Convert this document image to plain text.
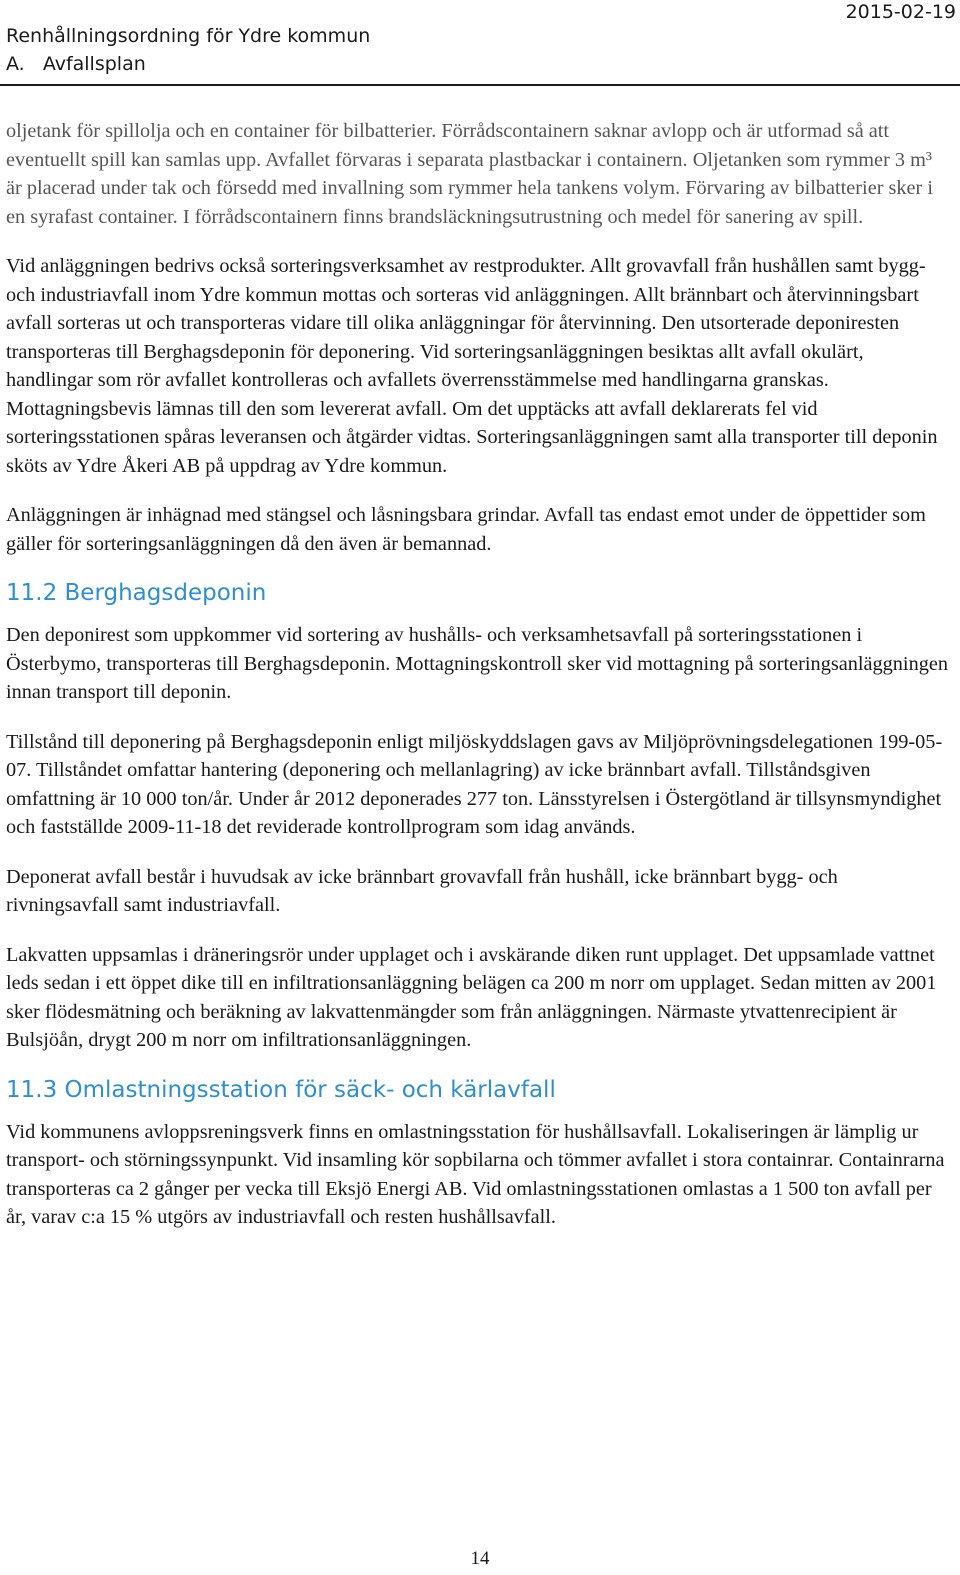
Renhållningsordning för Ydre kommun
A.   Avfallsplan
2015-02-19

oljetank för spillolja och en container för bilbatterier. Förrådscontainern saknar avlopp och är utformad så att eventuellt spill kan samlas upp. Avfallet förvaras i separata plastbackar i containern. Oljetanken som rymmer 3 m³ är placerad under tak och försedd med invallning som rymmer hela tankens volym. Förvaring av bilbatterier sker i en syrafast container. I förrådscontainern finns brandsläckningsutrustning och medel för sanering av spill.

Vid anläggningen bedrivs också sorteringsverksamhet av restprodukter. Allt grovavfall från hushållen samt bygg- och industriavfall inom Ydre kommun mottas och sorteras vid anläggningen. Allt brännbart och återvinningsbart avfall sorteras ut och transporteras vidare till olika anläggningar för återvinning. Den utsorterade deponiresten transporteras till Berghagsdeponin för deponering. Vid sorteringsanläggningen besiktas allt avfall okulärt, handlingar som rör avfallet kontrolleras och avfallets överrensstämmelse med handlingarna granskas. Mottagningsbevis lämnas till den som levererat avfall. Om det upptäcks att avfall deklarerats fel vid sorteringsstationen spåras leveransen och åtgärder vidtas. Sorteringsanläggningen samt alla transporter till deponin sköts av Ydre Åkeri AB på uppdrag av Ydre kommun.

Anläggningen är inhägnad med stängsel och låsningsbara grindar. Avfall tas endast emot under de öppettider som gäller för sorteringsanläggningen då den även är bemannad.

11.2 Berghagsdeponin

Den deponirest som uppkommer vid sortering av hushålls- och verksamhetsavfall på sorteringsstationen i Österbymo, transporteras till Berghagsdeponin. Mottagningskontroll sker vid mottagning på sorteringsanläggningen innan transport till deponin.

Tillstånd till deponering på Berghagsdeponin enligt miljöskyddslagen gavs av Miljöprövningsdelegationen 199-05-07. Tillståndet omfattar hantering (deponering och mellanlagring) av icke brännbart avfall. Tillståndsgiven omfattning är 10 000 ton/år. Under år 2012 deponerades 277 ton. Länsstyrelsen i Östergötland är tillsynsmyndighet och fastställde 2009-11-18 det reviderade kontrollprogram som idag används.

Deponerat avfall består i huvudsak av icke brännbart grovavfall från hushåll, icke brännbart bygg- och rivningsavfall samt industriavfall.

Lakvatten uppsamlas i dräneringsrör under upplaget och i avskärande diken runt upplaget. Det uppsamlade vattnet leds sedan i ett öppet dike till en infiltrationsanläggning belägen ca 200 m norr om upplaget. Sedan mitten av 2001 sker flödesmätning och beräkning av lakvattenmängder som från anläggningen. Närmaste ytvattenrecipient är Bulsjöån, drygt 200 m norr om infiltrationsanläggningen.

11.3 Omlastningsstation för säck- och kärlavfall

Vid kommunens avloppsreningsverk finns en omlastningsstation för hushållsavfall. Lokaliseringen är lämplig ur transport- och störningssynpunkt. Vid insamling kör sopbilarna och tömmer avfallet i stora containrar. Containrarna transporteras ca 2 gånger per vecka till Eksjö Energi AB. Vid omlastningsstationen omlastas a 1 500 ton avfall per år, varav c:a 15 % utgörs av industriavfall och resten hushållsavfall.

14
